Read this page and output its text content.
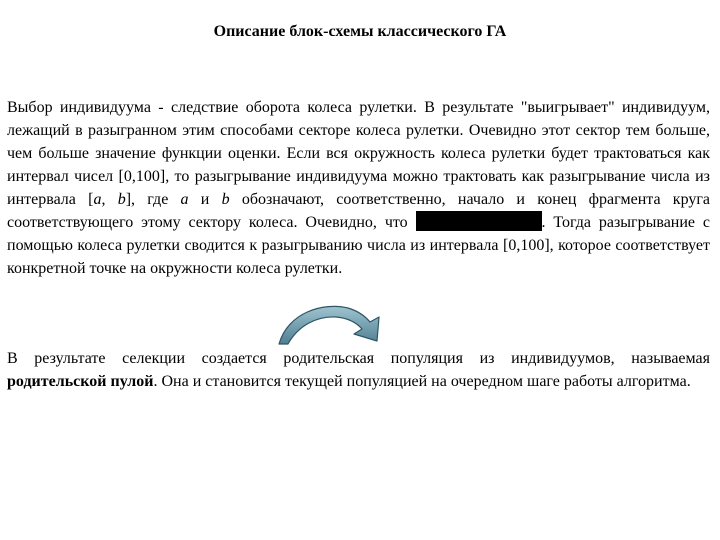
Описание блок-схемы классического ГА

Выбор индивидуума - следствие оборота колеса рулетки. В результате "выигрывает" индивидуум, лежащий в разыгранном этим способами секторе колеса рулетки. Очевидно этот сектор тем больше, чем больше значение функции оценки. Если вся окружность колеса рулетки будет трактоваться как интервал чисел [0,100], то разыгрывание индивидуума можно трактовать как разыгрывание числа из интервала [a, b], где a и b обозначают, соответственно, начало и конец фрагмента круга соответствующего этому сектору колеса. Очевидно, что	. Тогда разыгрывание с помощью колеса рулетки сводится к разыгрыванию числа из интервала [0,100], которое соответствует конкретной точке на окружности колеса рулетки.

В результате селекции создается родительская популяция из индивидуумов, называемая родительской пулой. Она и становится текущей популяцией на очередном шаге работы алгоритма.
